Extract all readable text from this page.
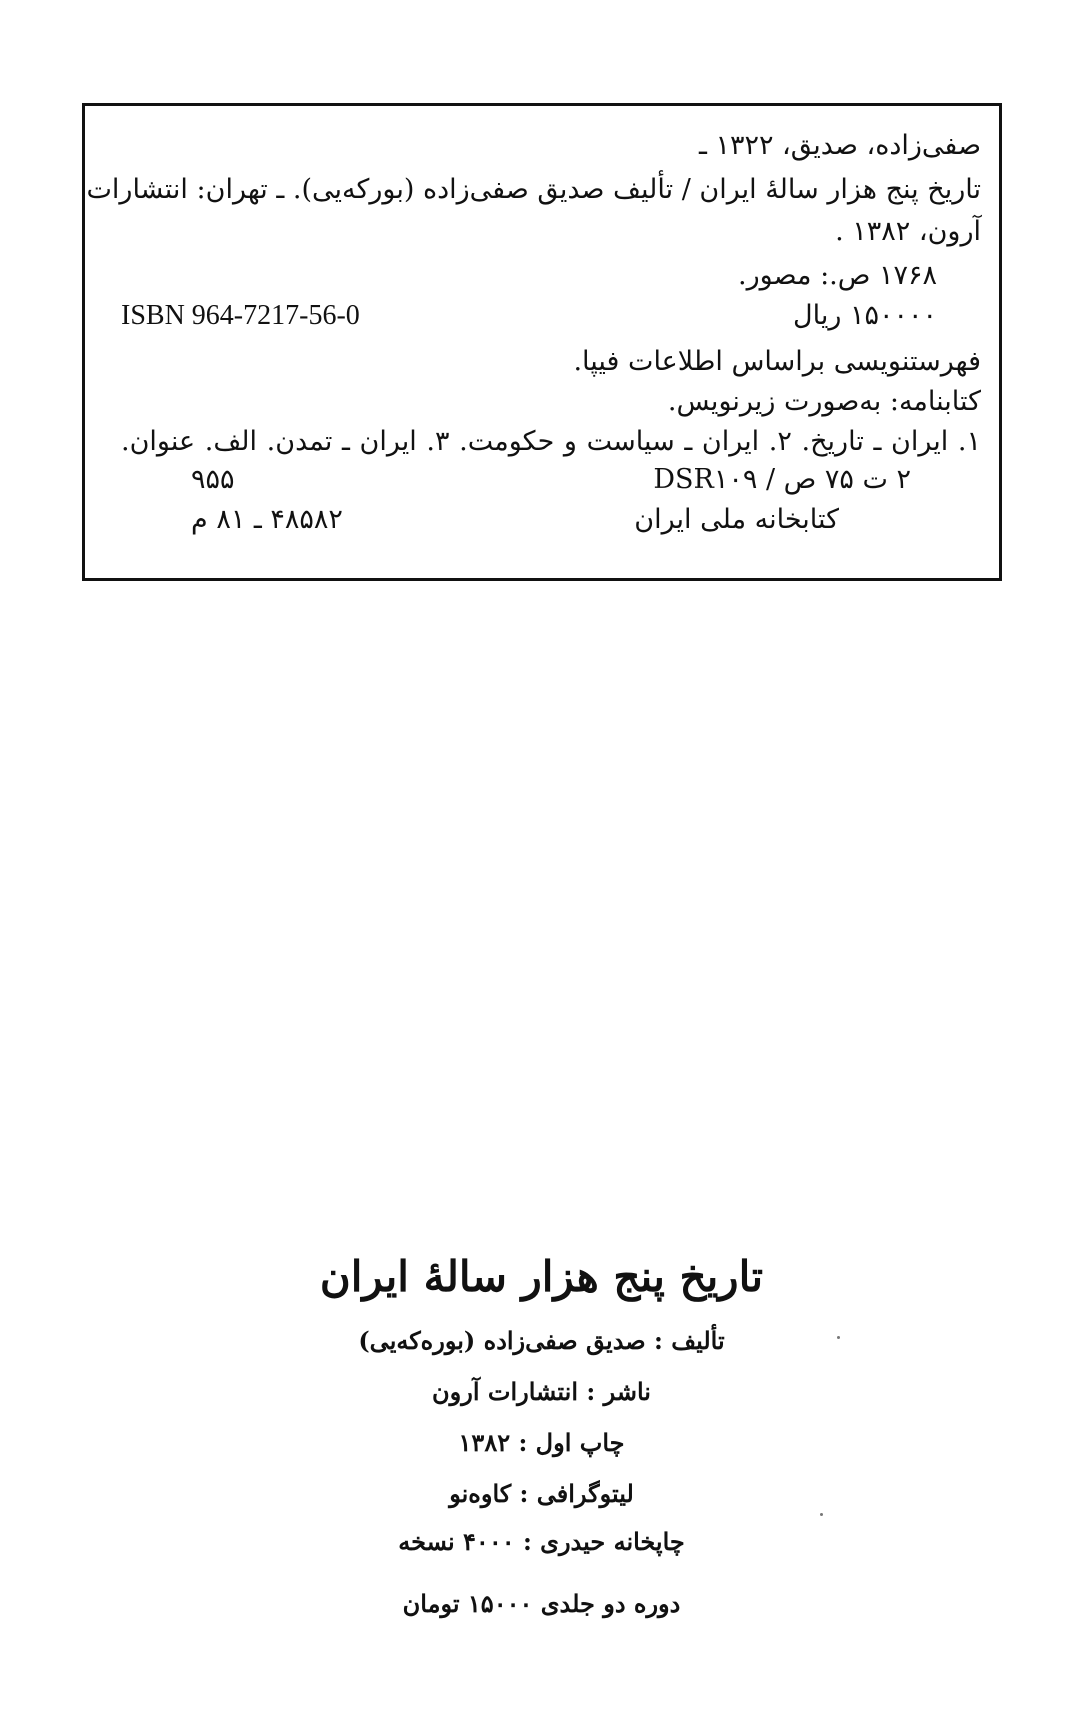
صفی‌زاده، صدیق، ۱۳۲۲ ـ
تاریخ پنج هزار سالهٔ ایران / تألیف صدیق صفی‌زاده (بورکه‌یی). ـ تهران: انتشارات
آرون، ۱۳۸۲ .
۱۷۶۸ ص.: مصور.
۱۵۰۰۰۰ ریال
ISBN 964-7217-56-0
فهرستنویسی براساس اطلاعات فیپا.
کتابنامه: به‌صورت زیرنویس.
۱. ایران ـ تاریخ. ۲. ایران ـ سیاست و حکومت. ۳. ایران ـ تمدن. الف. عنوان.
۲ ت ۷۵ ص / DSR۱۰۹
۹۵۵
کتابخانه ملی ایران
۴۸۵۸۲ ـ ۸۱ م
تاریخ پنج هزار سالهٔ ایران
تألیف : صدیق صفی‌زاده (بوره‌که‌یی)
ناشر : انتشارات آرون
چاپ اول : ۱۳۸۲
لیتوگرافی : کاوه‌نو
چاپخانه حیدری : ۴۰۰۰ نسخه
دوره دو جلدی ۱۵۰۰۰ تومان
